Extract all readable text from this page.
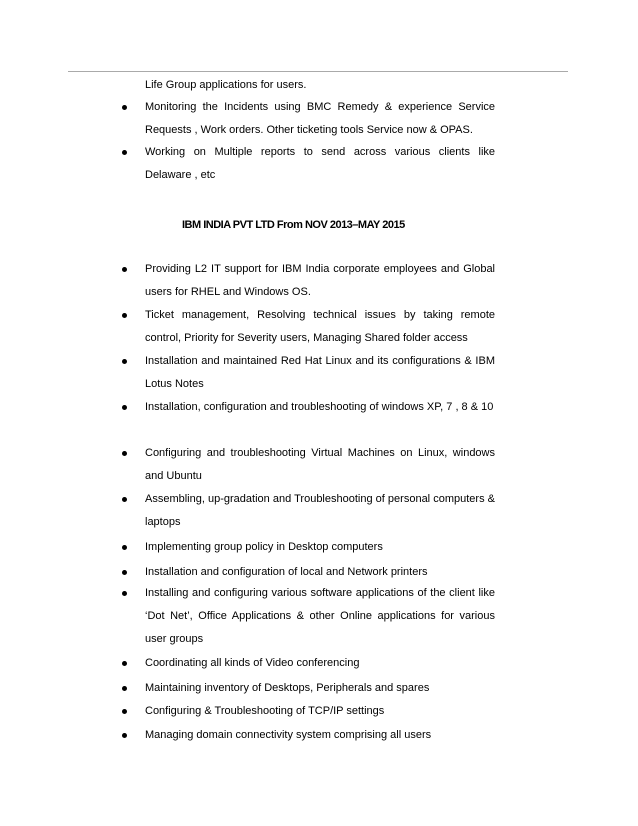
Life Group applications for users.
Monitoring the Incidents using BMC Remedy & experience Service Requests , Work orders. Other ticketing tools Service now & OPAS.
Working on Multiple reports to send across various clients like Delaware , etc
IBM INDIA PVT LTD From NOV 2013–MAY 2015
Providing L2 IT support for IBM India corporate employees and Global users for RHEL and Windows OS.
Ticket management, Resolving technical issues by taking remote control, Priority for Severity users, Managing Shared folder access
Installation and maintained Red Hat Linux and its configurations & IBM Lotus Notes
Installation, configuration and troubleshooting of windows XP, 7 , 8 & 10
Configuring and troubleshooting Virtual Machines on Linux, windows and Ubuntu
Assembling, up-gradation and Troubleshooting of personal computers & laptops
Implementing group policy in Desktop computers
Installation and configuration of local and Network printers
Installing and configuring various software applications of the client like ‘Dot Net’, Office Applications & other Online applications for various user groups
Coordinating all kinds of Video conferencing
Maintaining inventory of Desktops, Peripherals and spares
Configuring & Troubleshooting of TCP/IP settings
Managing domain connectivity system comprising all users
